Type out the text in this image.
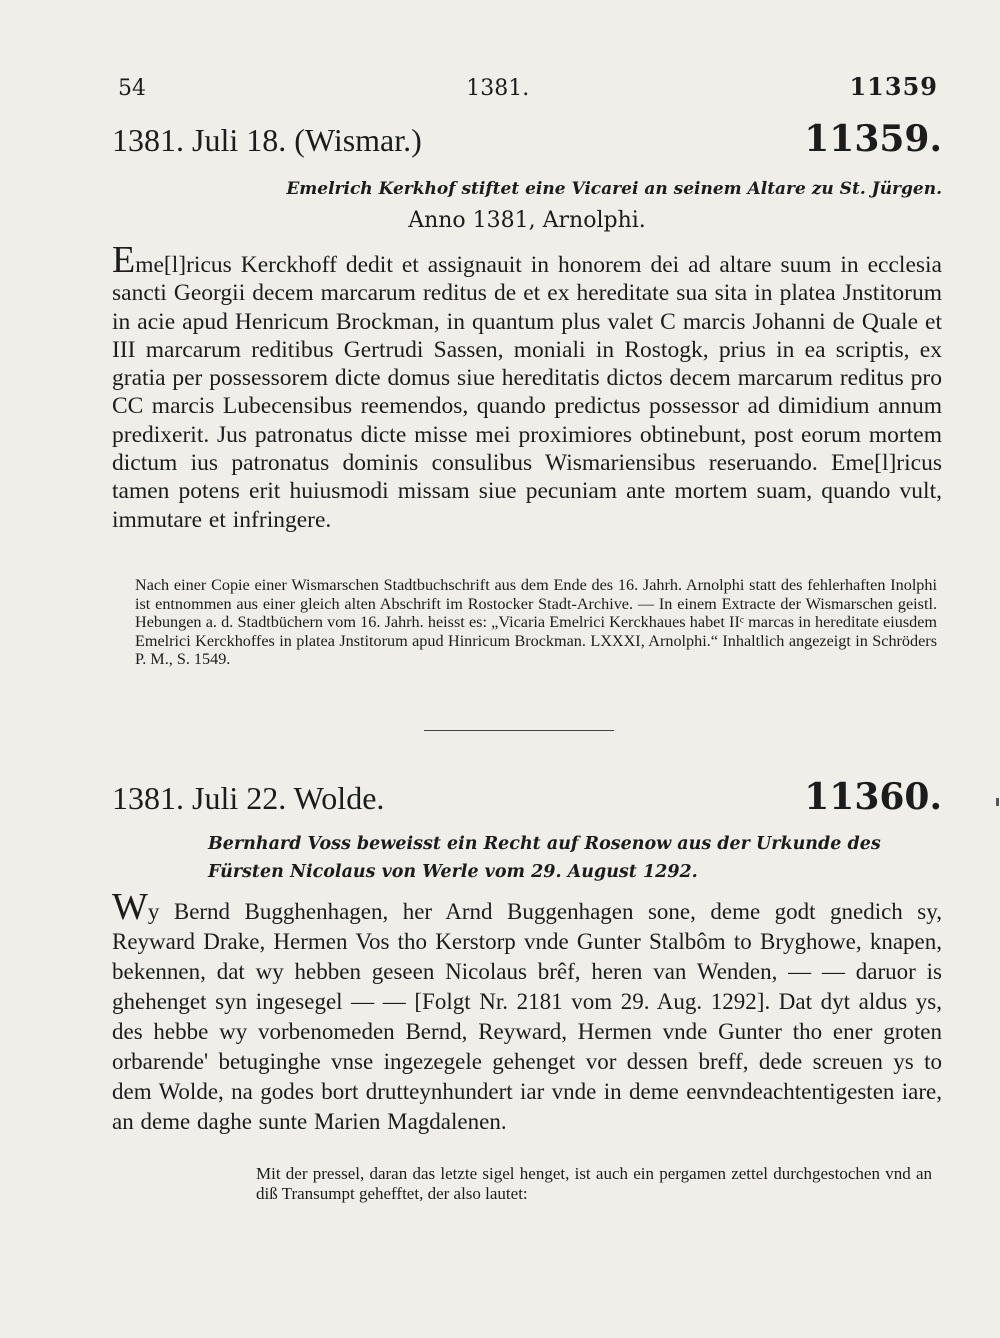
54	1381.	11359
1381. Juli 18. (Wismar.)	11359.
Emelrich Kerkhof stiftet eine Vicarei an seinem Altare zu St. Jürgen.
Anno 1381, Arnolphi.
Eme[l]ricus Kerckhoff dedit et assignauit in honorem dei ad altare suum in ecclesia sancti Georgii decem marcarum reditus de et ex hereditate sua sita in platea Jnstitorum in acie apud Henricum Brockman, in quantum plus valet C marcis Johanni de Quale et III marcarum reditibus Gertrudi Sassen, moniali in Rostogk, prius in ea scriptis, ex gratia per possessorem dicte domus siue hereditatis dictos decem marcarum reditus pro CC marcis Lubecensibus reemendos, quando predictus possessor ad dimidium annum predixerit. Jus patronatus dicte misse mei proximiores obtinebunt, post eorum mortem dictum ius patronatus dominis consulibus Wismariensibus reseruando. Eme[l]ricus tamen potens erit huiusmodi missam siue pecuniam ante mortem suam, quando vult, immutare et infringere.
Nach einer Copie einer Wismarschen Stadtbuchschrift aus dem Ende des 16. Jahrh. Arnolphi statt des fehlerhaften Inolphi ist entnommen aus einer gleich alten Abschrift im Rostocker Stadt-Archive. — In einem Extracte der Wismarschen geistl. Hebungen a. d. Stadtbüchern vom 16. Jahrh. heisst es: „Vicaria Emelrici Kerckhaues habet IIᶜ marcas in hereditate eiusdem Emelrici Kerckhoffes in platea Jnstitorum apud Hinricum Brockman. LXXXI, Arnolphi.“ Inhaltlich angezeigt in Schröders P. M., S. 1549.
1381. Juli 22. Wolde.	11360.
Bernhard Voss beweisst ein Recht auf Rosenow aus der Urkunde des Fürsten Nicolaus von Werle vom 29. August 1292.
Wy Bernd Bugghenhagen, her Arnd Buggenhagen sone, deme godt gnedich sy, Reyward Drake, Hermen Vos tho Kerstorp vnde Gunter Stalbôm to Bryghowe, knapen, bekennen, dat wy hebben geseen Nicolaus brêf, heren van Wenden, — — daruor is ghehenget syn ingesegel — — [Folgt Nr. 2181 vom 29. Aug. 1292]. Dat dyt aldus ys, des hebbe wy vorbenomeden Bernd, Reyward, Hermen vnde Gunter tho ener groten orbarende' betuginghe vnse ingezegele gehenget vor dessen breff, dede screuen ys to dem Wolde, na godes bort drutteynhundert iar vnde in deme eenvndeachtentigesten iare, an deme daghe sunte Marien Magdalenen.
Mit der pressel, daran das letzte sigel henget, ist auch ein pergamen zettel durchgestochen vnd an diß Transumpt gehefftet, der also lautet:
